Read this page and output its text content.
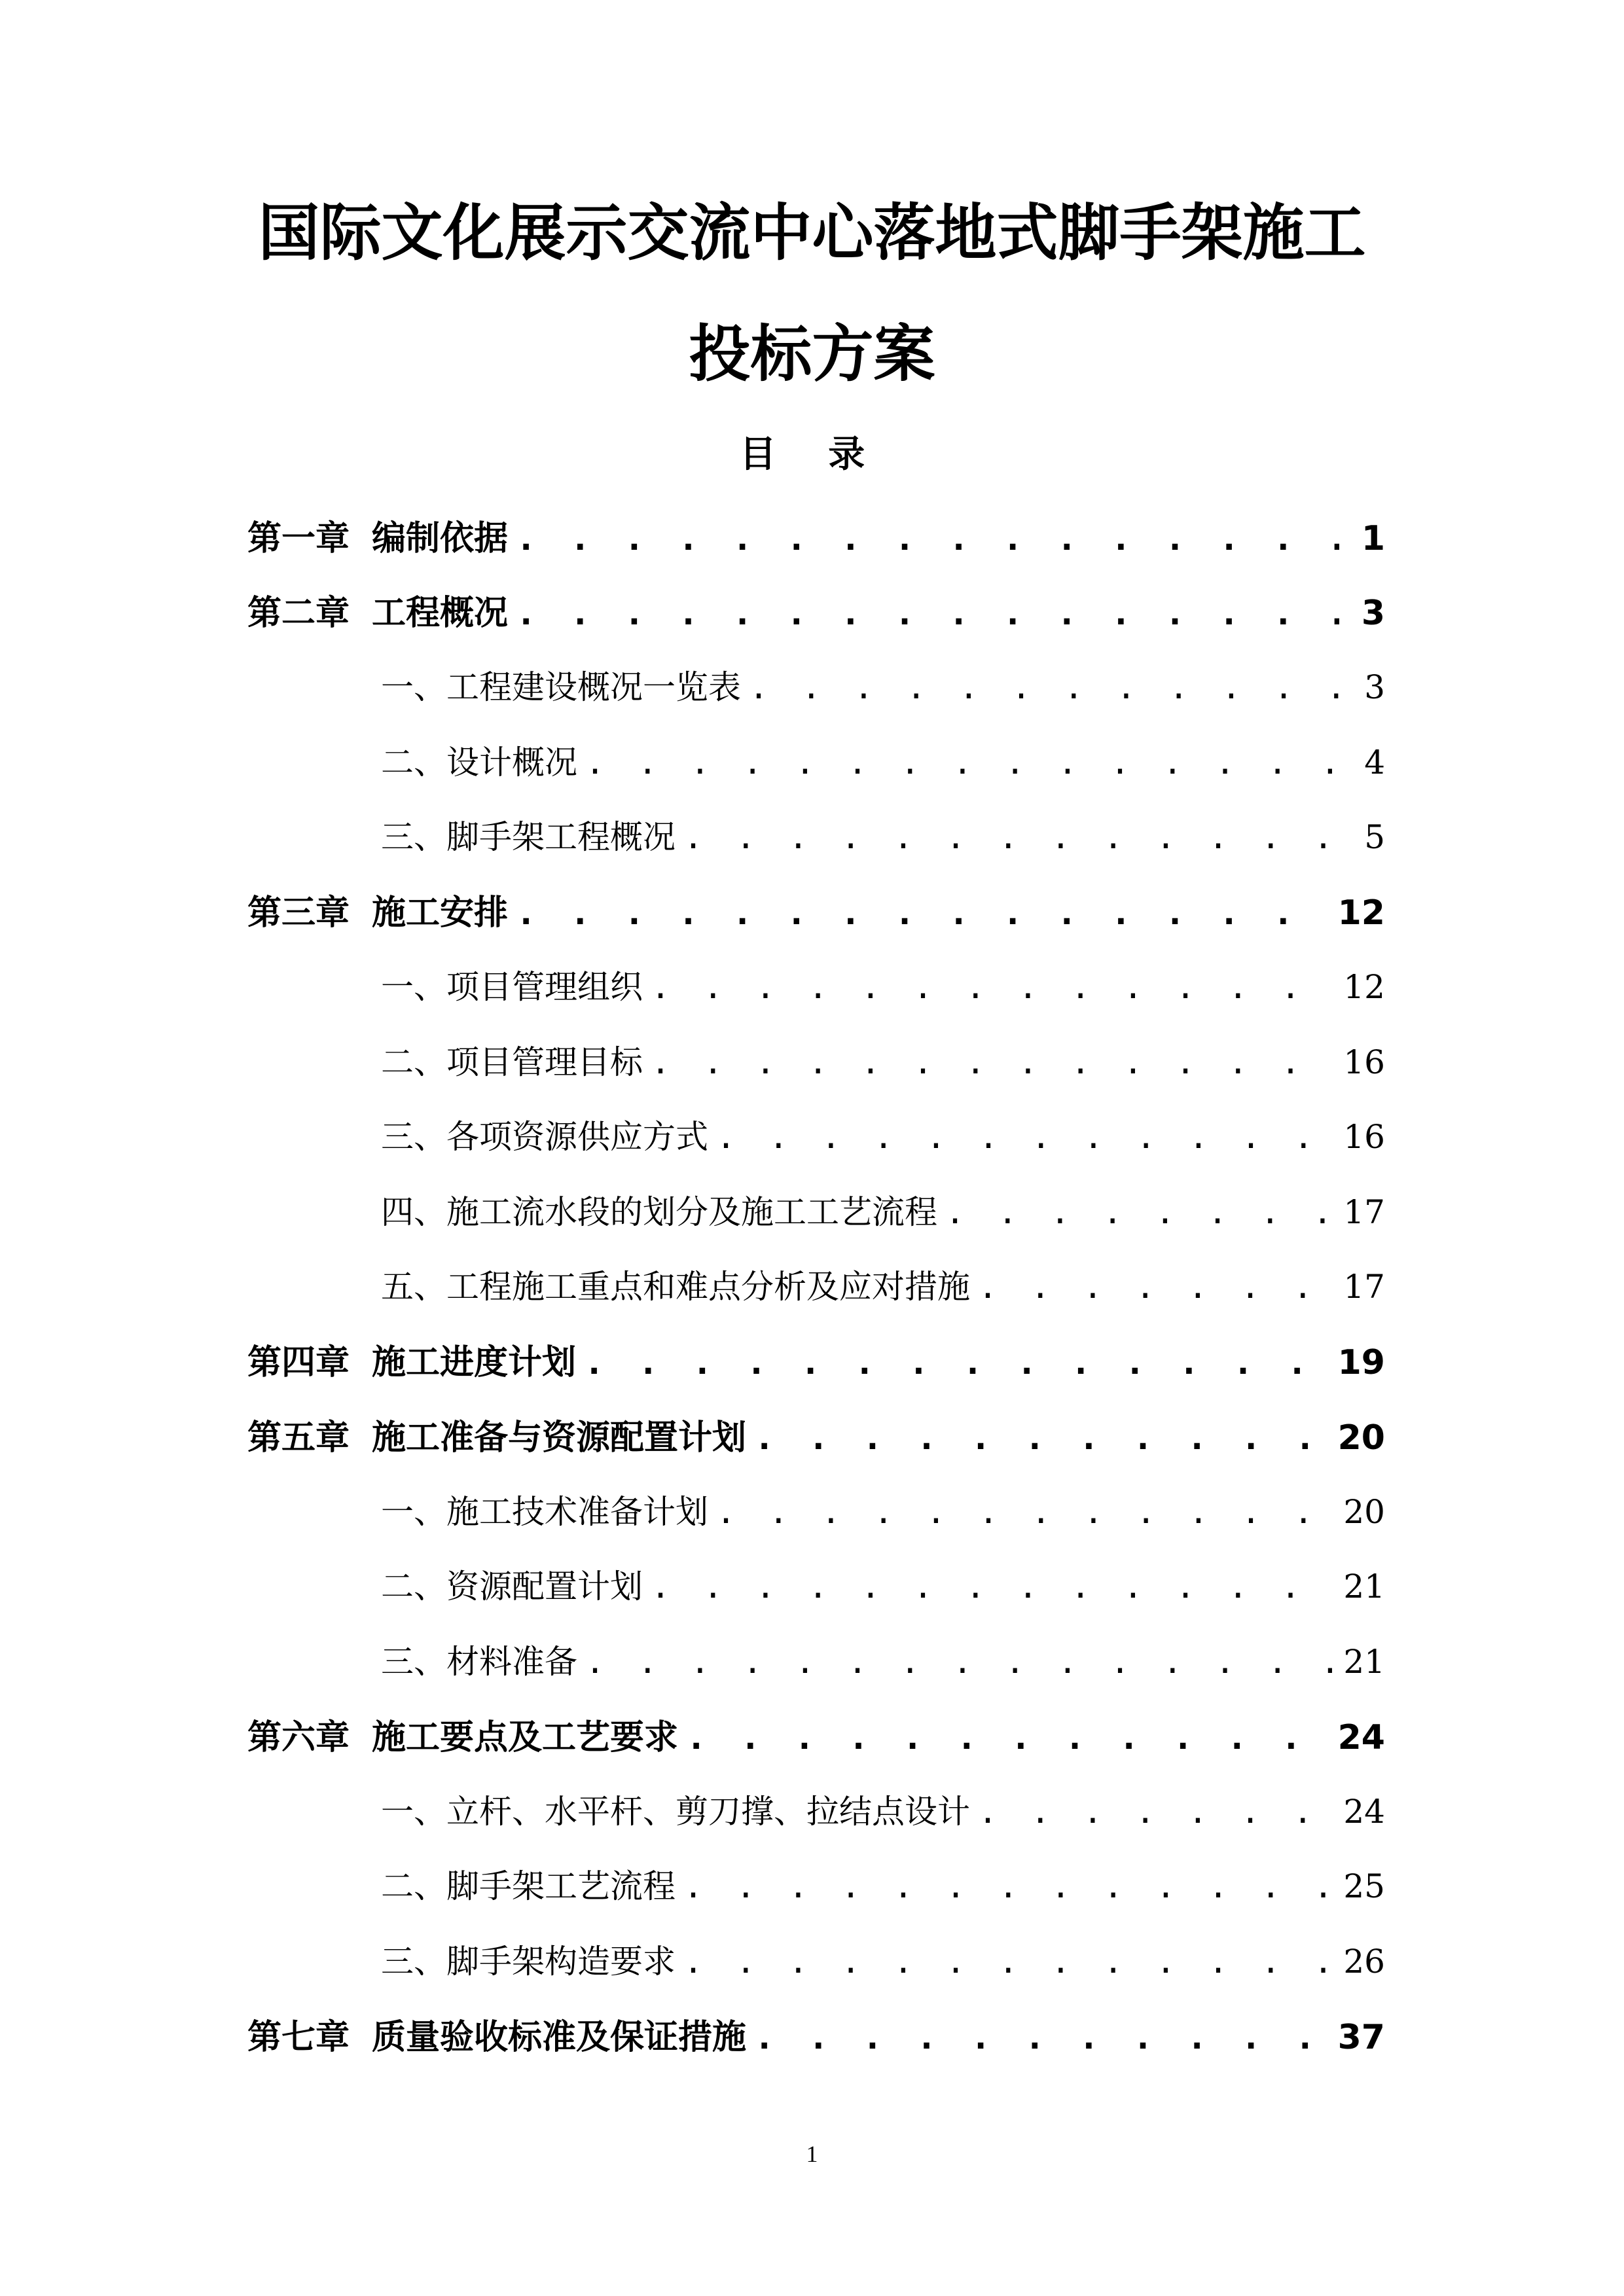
国际文化展示交流中心落地式脚手架施工
投标方案
目 录
第一章 编制依据 . . .	1
第二章 工程概况 . . .	3
一、工程建设概况一览表 . . .	3
二、设计概况 . . .	4
三、脚手架工程概况 . . .	5
第三章 施工安排 . . .	12
一、项目管理组织 . . .	12
二、项目管理目标 . . .	16
三、各项资源供应方式 . . .	16
四、施工流水段的划分及施工工艺流程 . . .	17
五、工程施工重点和难点分析及应对措施 . . .	17
第四章 施工进度计划 . . .	19
第五章 施工准备与资源配置计划 . . .	20
一、施工技术准备计划 . . .	20
二、资源配置计划 . . .	21
三、材料准备 . . .	21
第六章 施工要点及工艺要求 . . .	24
一、立杆、水平杆、剪刀撑、拉结点设计 . . .	24
二、脚手架工艺流程 . . .	25
三、脚手架构造要求 . . .	26
第七章 质量验收标准及保证措施 . . .	37
1
